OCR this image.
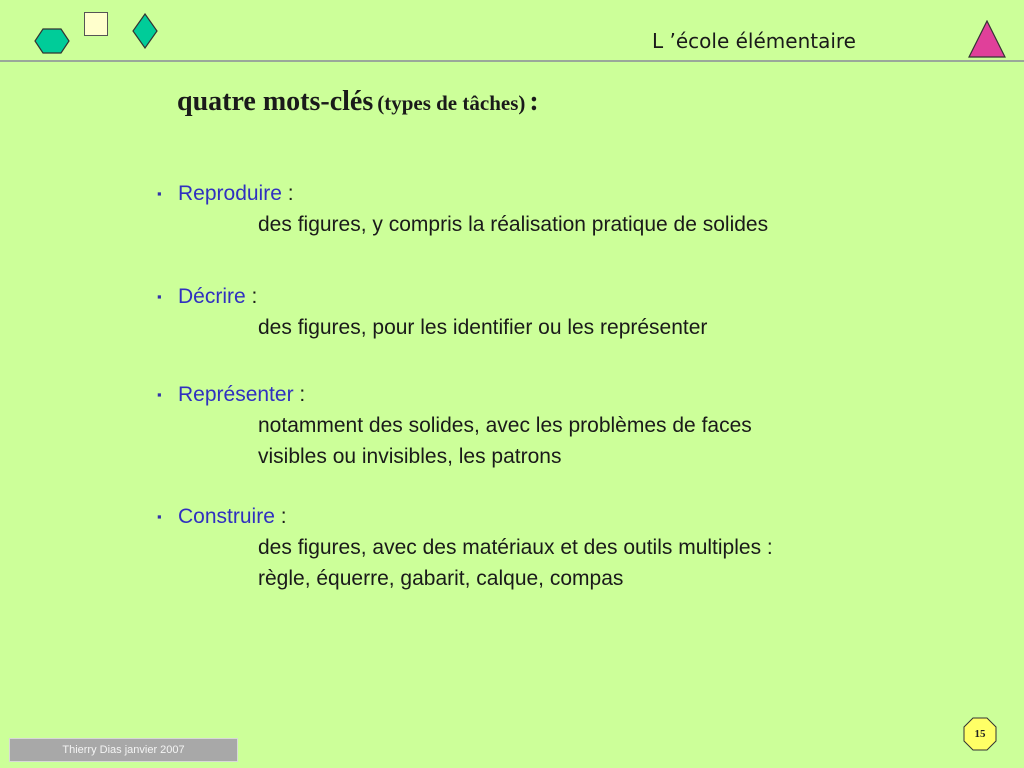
L ’école élémentaire
quatre mots-clés (types de tâches) :
▪ Reproduire :
des figures, y compris la réalisation pratique de solides
▪ Décrire :
des figures, pour les identifier ou les représenter
▪ Représenter :
notamment des solides, avec les problèmes de faces
visibles ou invisibles, les patrons
▪ Construire :
des figures, avec des matériaux et des outils multiples :
règle, équerre, gabarit, calque, compas
Thierry Dias janvier 2007
15
